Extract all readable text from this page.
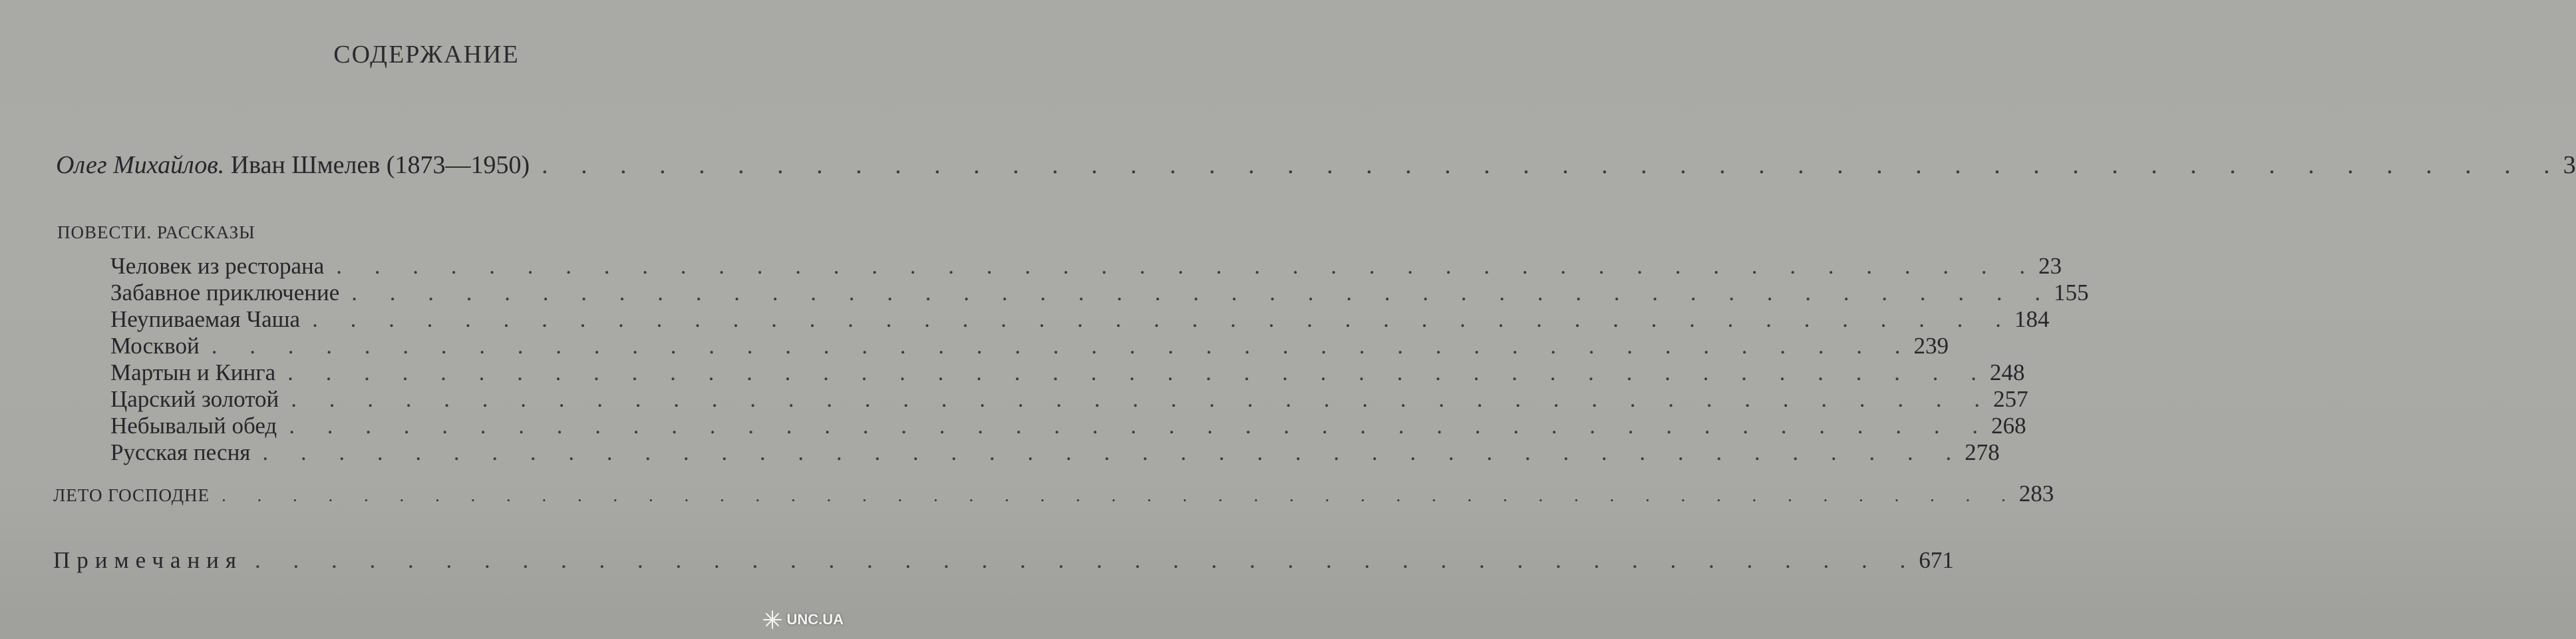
СОДЕРЖАНИЕ
Олег Михайлов.
Иван Шмелев (1873—1950) . . . . . . . . . . . . . . . . . . . . . . . . . . . . . . . . . . . . . . . . . . . . . . . . . . . . 3
ПОВЕСТИ. РАССКАЗЫ
Человек из ресторана . . . . . . . . . . . . . . . . . . . . . . . . . . . . . . . . . . . . . . . . . . . . . 23
Забавное приключение . . . . . . . . . . . . . . . . . . . . . . . . . . . . . . . . . . . . . . . . . . . . . 155
Неупиваемая Чаша . . . . . . . . . . . . . . . . . . . . . . . . . . . . . . . . . . . . . . . . . . . . . 184
Москвой . . . . . . . . . . . . . . . . . . . . . . . . . . . . . . . . . . . . . . . . . . . . . 239
Мартын и Кинга . . . . . . . . . . . . . . . . . . . . . . . . . . . . . . . . . . . . . . . . . . . . . 248
Царский золотой . . . . . . . . . . . . . . . . . . . . . . . . . . . . . . . . . . . . . . . . . . . . . 257
Небывалый обед . . . . . . . . . . . . . . . . . . . . . . . . . . . . . . . . . . . . . . . . . . . . . 268
Русская песня . . . . . . . . . . . . . . . . . . . . . . . . . . . . . . . . . . . . . . . . . . . . . 278
ЛЕТО ГОСПОДНЕ . . . . . . . . . . . . . . . . . . . . . . . . . . . . . . . . . . . . . . . . . . . . . . . . . . . 283
Примечания . . . . . . . . . . . . . . . . . . . . . . . . . . . . . . . . . . . . . . . . . . . . 671
UNC.UA
